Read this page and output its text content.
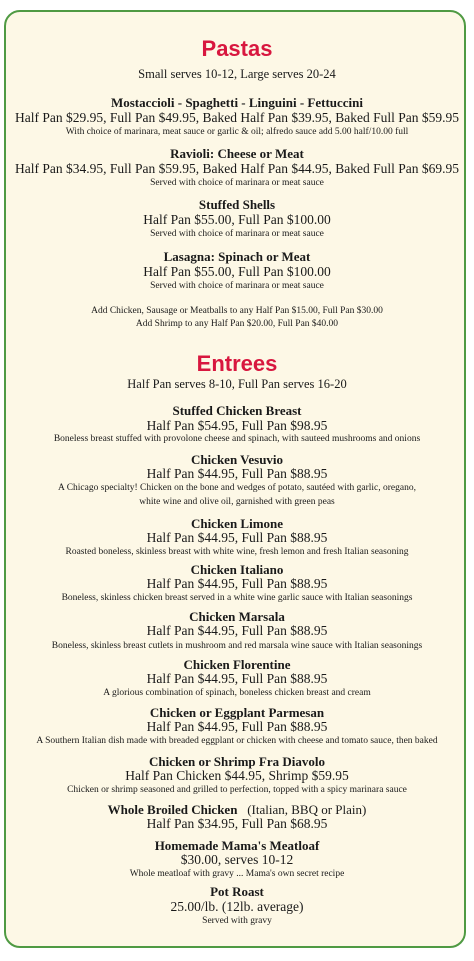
Pastas
Small serves 10-12, Large serves 20-24
Mostaccioli - Spaghetti - Linguini - Fettuccini
Half Pan $29.95, Full Pan $49.95, Baked Half Pan $39.95, Baked Full Pan $59.95
With choice of marinara, meat sauce or garlic & oil; alfredo sauce add 5.00 half/10.00 full
Ravioli: Cheese or Meat
Half Pan $34.95, Full Pan $59.95, Baked Half Pan $44.95, Baked Full Pan $69.95
Served with choice of marinara or meat sauce
Stuffed Shells
Half Pan $55.00, Full Pan $100.00
Served with choice of marinara or meat sauce
Lasagna: Spinach or Meat
Half Pan $55.00, Full Pan $100.00
Served with choice of marinara or meat sauce
Add Chicken, Sausage or Meatballs to any Half Pan $15.00, Full Pan $30.00
Add Shrimp to any Half Pan $20.00, Full Pan $40.00
Entrees
Half Pan serves 8-10, Full Pan serves 16-20
Stuffed Chicken Breast
Half Pan $54.95, Full Pan $98.95
Boneless breast stuffed with provolone cheese and spinach, with sauteed mushrooms and onions
Chicken Vesuvio
Half Pan $44.95, Full Pan $88.95
A Chicago specialty! Chicken on the bone and wedges of potato, sautéed with garlic, oregano,
white wine and olive oil, garnished with green peas
Chicken Limone
Half Pan $44.95, Full Pan $88.95
Roasted boneless, skinless breast with white wine, fresh lemon and fresh Italian seasoning
Chicken Italiano
Half Pan $44.95, Full Pan $88.95
Boneless, skinless chicken breast served in a white wine garlic sauce with Italian seasonings
Chicken Marsala
Half Pan $44.95, Full Pan $88.95
Boneless, skinless breast cutlets in mushroom and red marsala wine sauce with Italian seasonings
Chicken Florentine
Half Pan $44.95, Full Pan $88.95
A glorious combination of spinach, boneless chicken breast and cream
Chicken or Eggplant Parmesan
Half Pan $44.95, Full Pan $88.95
A Southern Italian dish made with breaded eggplant or chicken with cheese and tomato sauce, then baked
Chicken or Shrimp Fra Diavolo
Half Pan Chicken $44.95, Shrimp $59.95
Chicken or shrimp seasoned and grilled to perfection, topped with a spicy marinara sauce
Whole Broiled Chicken (Italian, BBQ or Plain)
Half Pan $34.95, Full Pan $68.95
Homemade Mama's Meatloaf
$30.00, serves 10-12
Whole meatloaf with gravy ... Mama's own secret recipe
Pot Roast
25.00/lb. (12lb. average)
Served with gravy
